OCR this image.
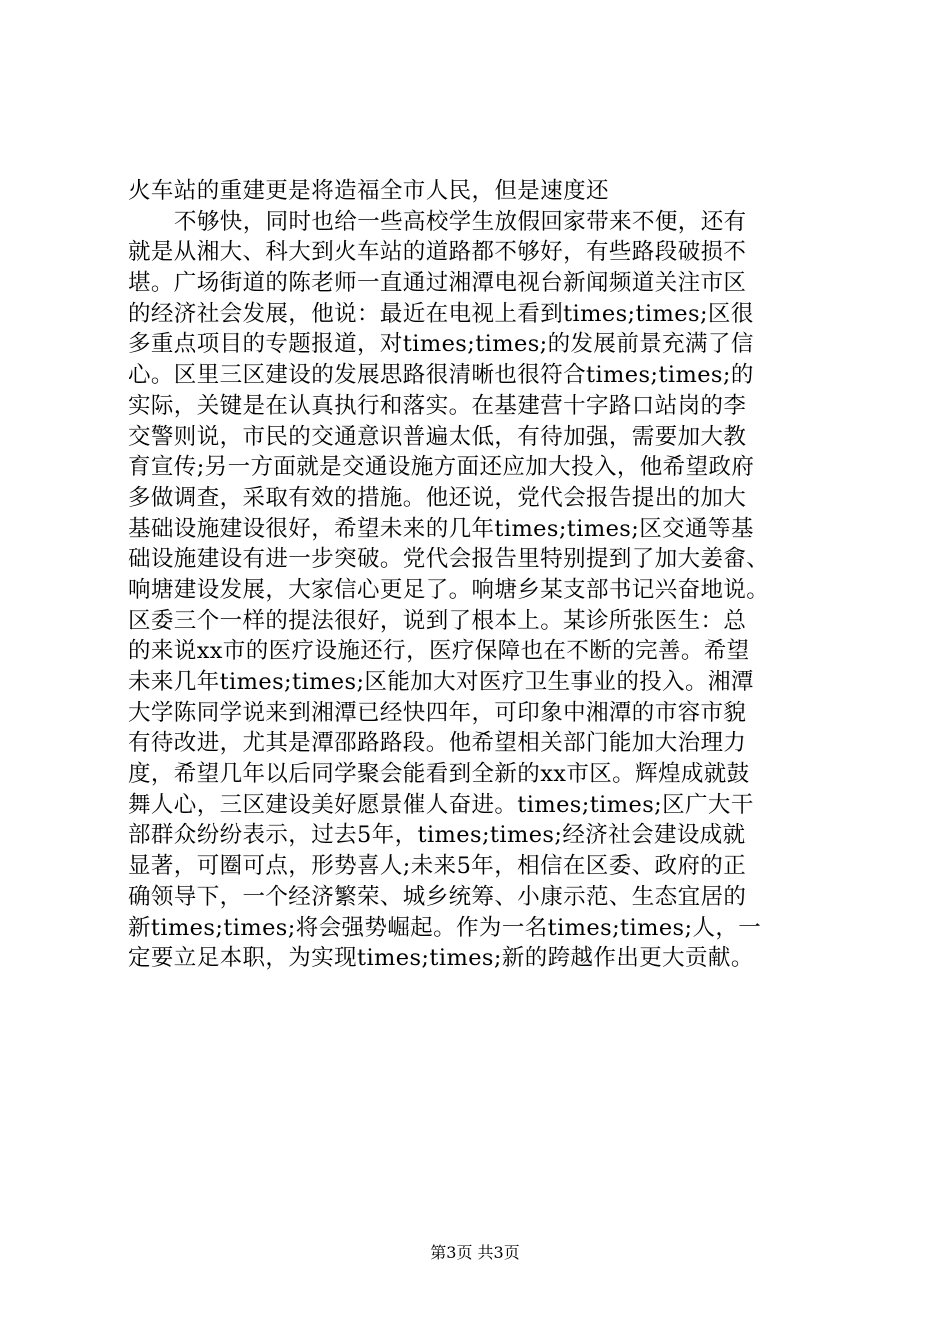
火车站的重建更是将造福全市人民，但是速度还
不够快，同时也给一些高校学生放假回家带来不便，还有
就是从湘大、科大到火车站的道路都不够好，有些路段破损不
堪。广场街道的陈老师一直通过湘潭电视台新闻频道关注市区
的经济社会发展，他说：最近在电视上看到times;times;区很
多重点项目的专题报道，对times;times;的发展前景充满了信
心。区里三区建设的发展思路很清晰也很符合times;times;的
实际，关键是在认真执行和落实。在基建营十字路口站岗的李
交警则说，市民的交通意识普遍太低，有待加强，需要加大教
育宣传;另一方面就是交通设施方面还应加大投入，他希望政府
多做调查，采取有效的措施。他还说，党代会报告提出的加大
基础设施建设很好，希望未来的几年times;times;区交通等基
础设施建设有进一步突破。党代会报告里特别提到了加大姜畲、
响塘建设发展，大家信心更足了。响塘乡某支部书记兴奋地说。
区委三个一样的提法很好，说到了根本上。某诊所张医生：总
的来说xx市的医疗设施还行，医疗保障也在不断的完善。希望
未来几年times;times;区能加大对医疗卫生事业的投入。湘潭
大学陈同学说来到湘潭已经快四年，可印象中湘潭的市容市貌
有待改进，尤其是潭邵路路段。他希望相关部门能加大治理力
度，希望几年以后同学聚会能看到全新的xx市区。辉煌成就鼓
舞人心，三区建设美好愿景催人奋进。times;times;区广大干
部群众纷纷表示，过去5年，times;times;经济社会建设成就
显著，可圈可点，形势喜人;未来5年，相信在区委、政府的正
确领导下，一个经济繁荣、城乡统筹、小康示范、生态宜居的
新times;times;将会强势崛起。作为一名times;times;人，一
定要立足本职，为实现times;times;新的跨越作出更大贡献。
第3页 共3页
